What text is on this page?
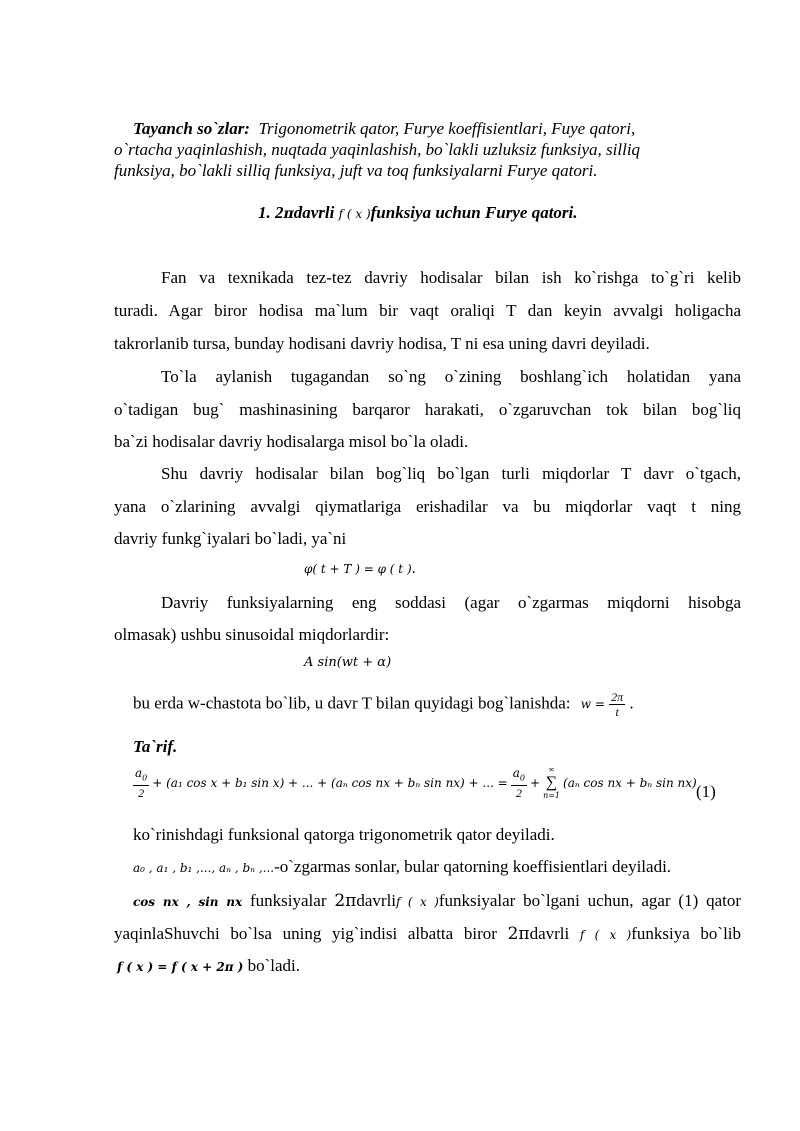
Tayanch so`zlar: Trigonometrik qator, Furye koeffisientlari, Fuye qatori,
o`rtacha yaqinlashish, nuqtada yaqinlashish, bo`lakli uzluksiz funksiya, silliq
funksiya, bo`lakli silliq funksiya, juft va toq funksiyalarni Furye qatori.
1. 2πdavrli f ( x )funksiya uchun Furye qatori.
Fan va texnikada tez-tez davriy hodisalar bilan ish ko`rishga to`g`ri kelib
turadi. Agar biror hodisa ma`lum bir vaqt oraliqi T dan keyin avvalgi holigacha
takrorlanib tursa, bunday hodisani davriy hodisa, T ni esa uning davri deyiladi.
To`la aylanish tugagandan so`ng o`zining boshlang`ich holatidan yana
o`tadigan bug` mashinasining barqaror harakati, o`zgaruvchan tok bilan bog`liq
ba`zi hodisalar davriy hodisalarga misol bo`la oladi.
Shu davriy hodisalar bilan bog`liq bo`lgan turli miqdorlar T davr o`tgach,
yana o`zlarining avvalgi qiymatlariga erishadilar va bu miqdorlar vaqt t ning
davriy funkg`iyalari bo`ladi, ya`ni
φ( t + T ) = φ ( t ).
Davriy funksiyalarning eng soddasi (agar o`zgarmas miqdorni hisobga
olmasak) ushbu sinusoidal miqdorlardir:
A sin(wt + α)
bu erda w-chastota bo`lib, u davr T bilan quyidagi bog`lanishda: $w = \frac{2\pi}{t}$ .
Ta`rif.
$\frac{a_0}{2} + (a_1$ cos x + b₁ sin x) + ... + (aₙ cos nx + bₙ sin nx) + ... = $\frac{a_0}{2}$ +
∞
∑
n=1
(aₙ cos nx + bₙ sin nx) (1)
ko`rinishdagi funksional qatorga trigonometrik qator deyiladi.
a₀ , a₁ , b₁ ,..., aₙ , bₙ ,...-o`zgarmas sonlar, bular qatorning koeffisientlari deyiladi.
cos nx , sin nx funksiyalar 2πdavrlif ( x )funksiyalar bo`lgani uchun, agar (1) qator
yaqinlaShuvchi bo`lsa uning yig`indisi albatta biror 2πdavrli f ( x )funksiya bo`lib
f ( x ) = f ( x + 2π ) bo`ladi.
